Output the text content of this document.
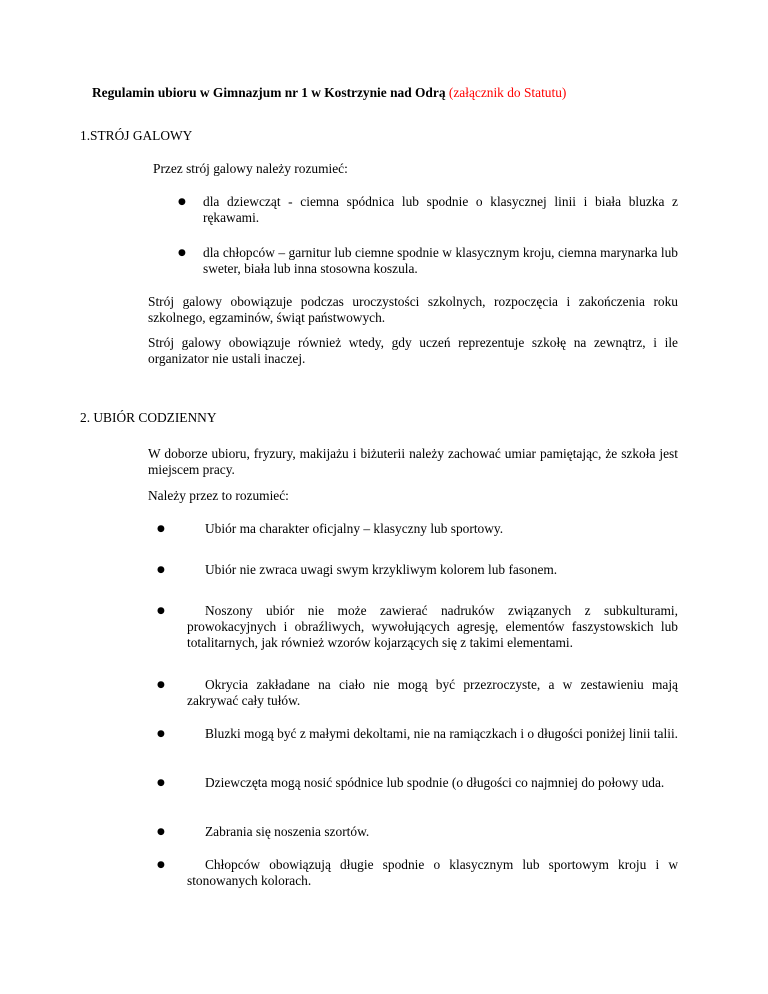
Regulamin ubioru w Gimnazjum nr 1 w Kostrzynie nad Odrą (załącznik do Statutu)
1.STRÓJ GALOWY
Przez strój galowy należy rozumieć:
● dla dziewcząt - ciemna spódnica lub spodnie o klasycznej linii i biała bluzka z rękawami.
● dla chłopców – garnitur lub ciemne spodnie w klasycznym kroju, ciemna marynarka lub sweter, biała lub inna stosowna koszula.
Strój galowy obowiązuje podczas uroczystości szkolnych, rozpoczęcia i zakończenia roku szkolnego, egzaminów, świąt państwowych.
Strój galowy obowiązuje również wtedy, gdy uczeń reprezentuje szkołę na zewnątrz, i ile organizator nie ustali inaczej.
2. UBIÓR CODZIENNY
W doborze ubioru, fryzury, makijażu i biżuterii należy zachować umiar pamiętając, że szkoła jest miejscem pracy.
Należy przez to rozumieć:
●	Ubiór ma charakter oficjalny – klasyczny lub sportowy.
●	Ubiór nie zwraca uwagi swym krzykliwym kolorem lub fasonem.
●	Noszony ubiór nie może zawierać nadruków związanych z subkulturami, prowokacyjnych i obraźliwych, wywołujących agresję, elementów faszystowskich lub totalitarnych, jak również wzorów kojarzących się z takimi elementami.
●	Okrycia zakładane na ciało nie mogą być przezroczyste, a w zestawieniu mają zakrywać cały tułów.
●	Bluzki mogą być z małymi dekoltami, nie na ramiączkach i o długości poniżej linii talii.
●	Dziewczęta mogą nosić spódnice lub spodnie (o długości co najmniej do połowy uda.
●	Zabrania się noszenia szortów.
●	Chłopców obowiązują długie spodnie o klasycznym lub sportowym kroju i w stonowanych kolorach.
